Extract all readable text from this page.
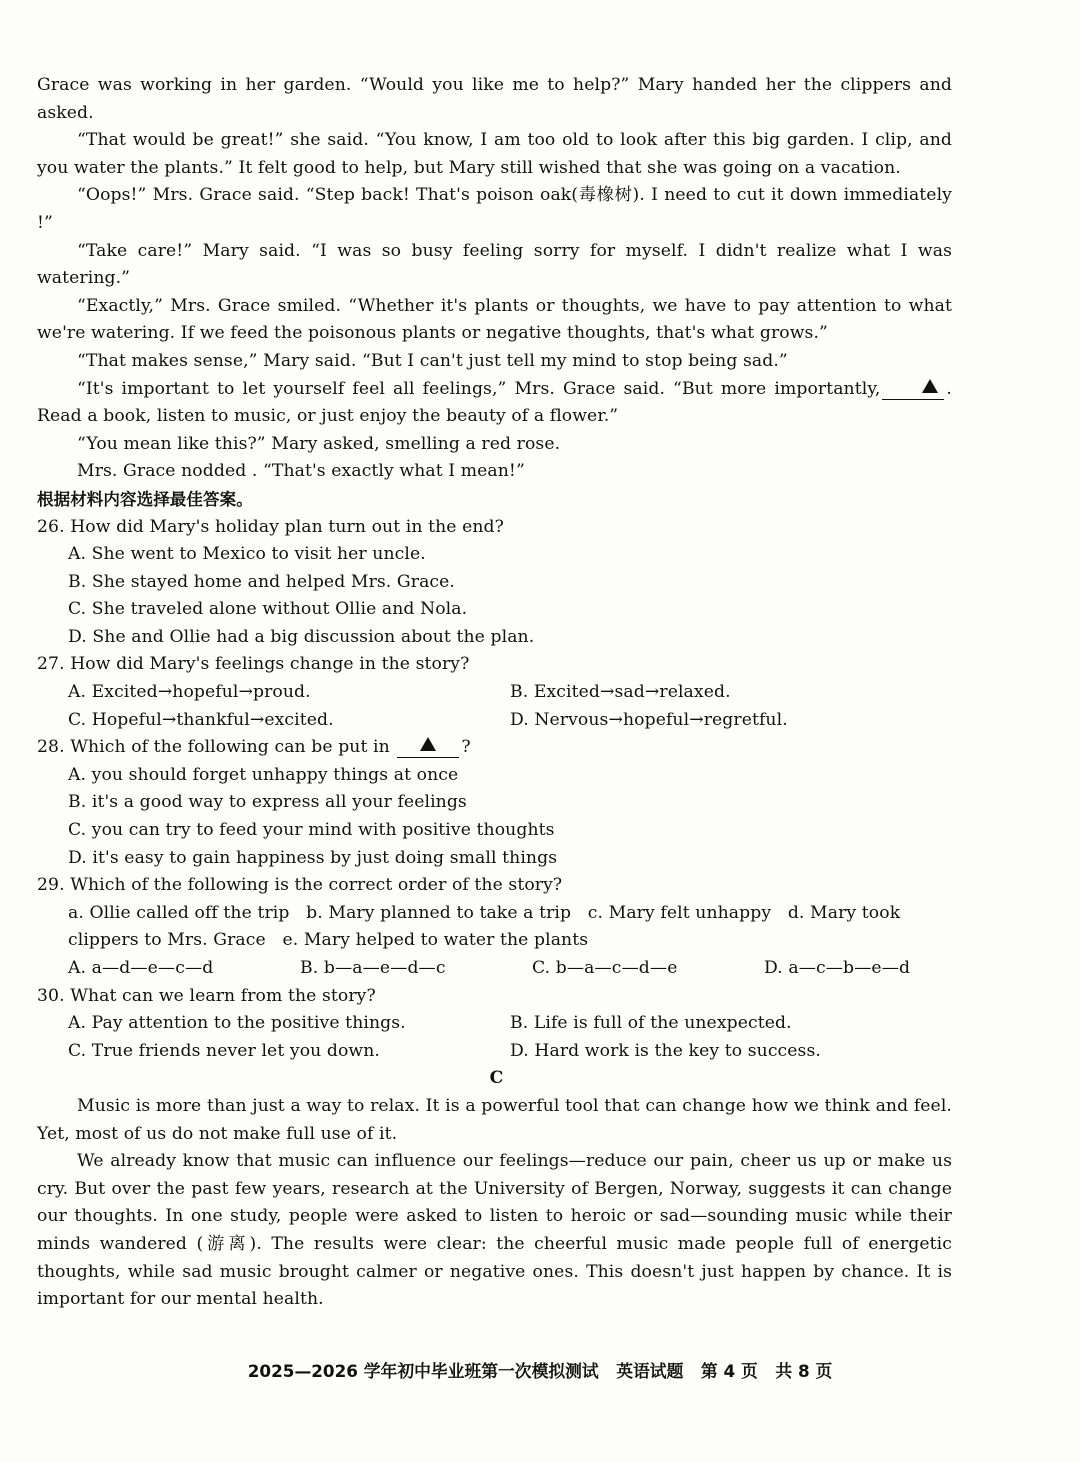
Grace was working in her garden. “Would you like me to help?” Mary handed her the clippers and asked.

“That would be great!” she said. “You know, I am too old to look after this big garden. I clip, and you water the plants.” It felt good to help, but Mary still wished that she was going on a vacation.

“Oops!” Mrs. Grace said. “Step back! That's poison oak(毒橡树). I need to cut it down immediately !”

“Take care!” Mary said. “I was so busy feeling sorry for myself. I didn't realize what I was watering.”

“Exactly,” Mrs. Grace smiled. “Whether it's plants or thoughts, we have to pay attention to what we're watering. If we feed the poisonous plants or negative thoughts, that's what grows.”

“That makes sense,” Mary said. “But I can't just tell my mind to stop being sad.”

“It's important to let yourself feel all feelings,” Mrs. Grace said. “But more importantly,	. Read a book, listen to music, or just enjoy the beauty of a flower.”

“You mean like this?” Mary asked, smelling a red rose.

Mrs. Grace nodded . “That's exactly what I mean!”

根据材料内容选择最佳答案。

26. How did Mary's holiday plan turn out in the end?

A. She went to Mexico to visit her uncle.

B. She stayed home and helped Mrs. Grace.

C. She traveled alone without Ollie and Nola.

D. She and Ollie had a big discussion about the plan.

27. How did Mary's feelings change in the story?

A. Excited→hopeful→proud.	B. Excited→sad→relaxed.
C. Hopeful→thankful→excited.	D. Nervous→hopeful→regretful.

28. Which of the following can be put in	?

A. you should forget unhappy things at once

B. it's a good way to express all your feelings

C. you can try to feed your mind with positive thoughts

D. it's easy to gain happiness by just doing small things

29. Which of the following is the correct order of the story?

a. Ollie called off the trip   b. Mary planned to take a trip   c. Mary felt unhappy   d. Mary took

clippers to Mrs. Grace   e. Mary helped to water the plants

A. a—d—e—c—d	B. b—a—e—d—c	C. b—a—c—d—e	D. a—c—b—e—d

30. What can we learn from the story?

A. Pay attention to the positive things.	B. Life is full of the unexpected.
C. True friends never let you down.	D. Hard work is the key to success.

C

Music is more than just a way to relax. It is a powerful tool that can change how we think and feel. Yet, most of us do not make full use of it.

We already know that music can influence our feelings—reduce our pain, cheer us up or make us cry. But over the past few years, research at the University of Bergen, Norway, suggests it can change our thoughts. In one study, people were asked to listen to heroic or sad—sounding music while their minds wandered (游离). The results were clear: the cheerful music made people full of energetic thoughts, while sad music brought calmer or negative ones. This doesn't just happen by chance. It is important for our mental health.

2025—2026 学年初中毕业班第一次模拟测试   英语试题   第 4 页   共 8 页
